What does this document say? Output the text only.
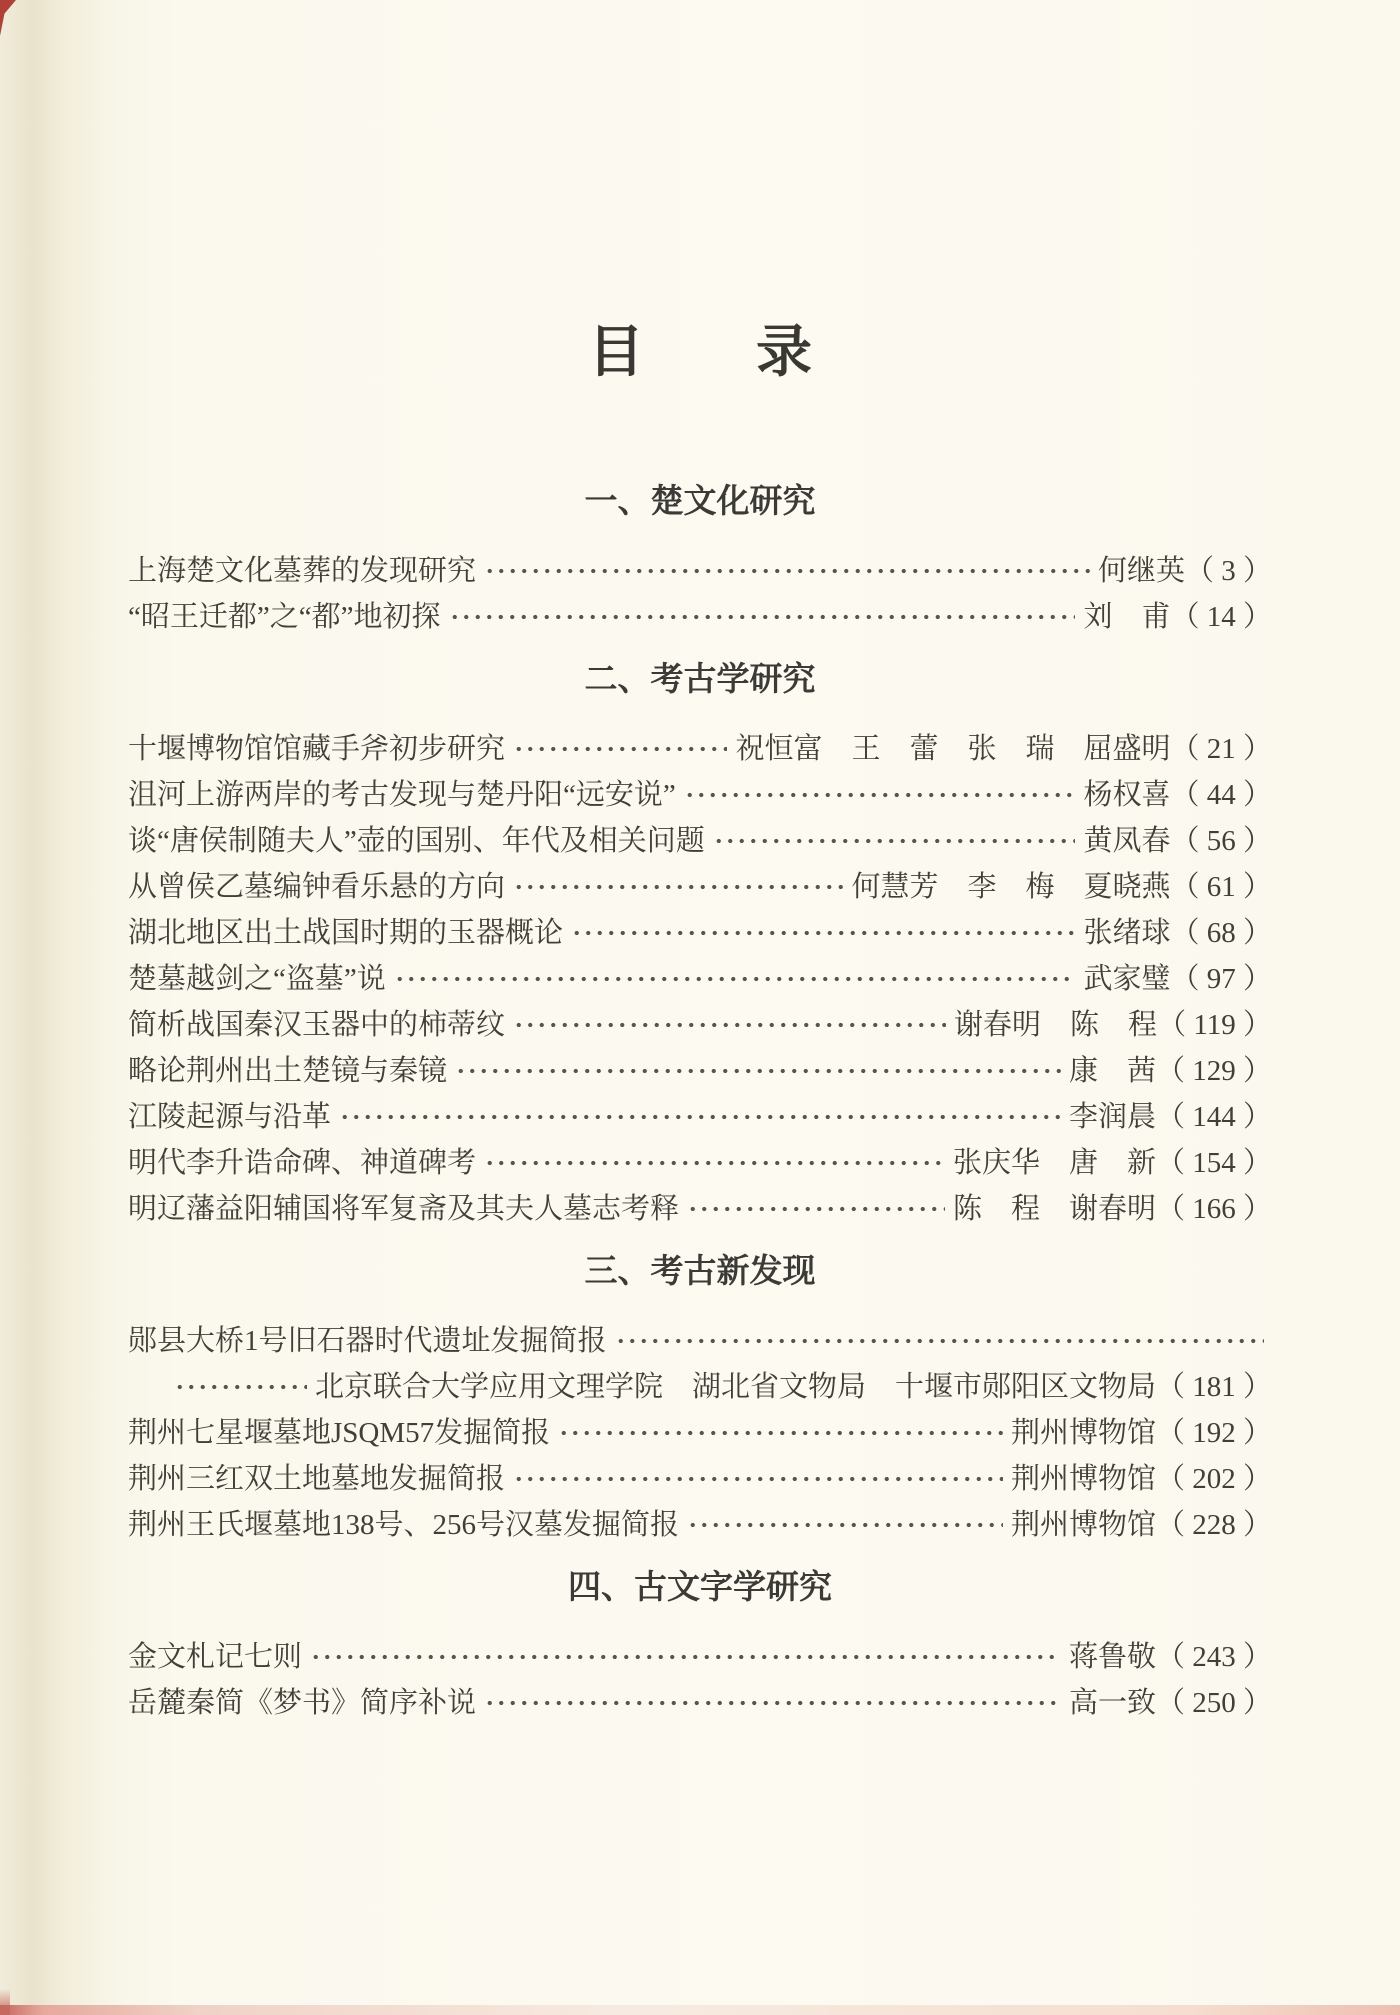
目　　录
一、楚文化研究
上海楚文化墓葬的发现研究	何继英 （ 3 ）
“昭王迁都”之“都”地初探	刘　甫 （ 14 ）
二、考古学研究
十堰博物馆馆藏手斧初步研究	祝恒富　王　蕾　张　瑞　屈盛明 （ 21 ）
沮河上游两岸的考古发现与楚丹阳“远安说”	杨权喜 （ 44 ）
谈“唐侯制随夫人”壶的国别、年代及相关问题	黄凤春 （ 56 ）
从曾侯乙墓编钟看乐悬的方向	何慧芳　李　梅　夏晓燕 （ 61 ）
湖北地区出土战国时期的玉器概论	张绪球 （ 68 ）
楚墓越剑之“盗墓”说	武家璧 （ 97 ）
简析战国秦汉玉器中的柿蒂纹	谢春明　陈　程 （ 119 ）
略论荆州出土楚镜与秦镜	康　茜 （ 129 ）
江陵起源与沿革	李润晨 （ 144 ）
明代李升诰命碑、神道碑考	张庆华　唐　新 （ 154 ）
明辽藩益阳辅国将军复斋及其夫人墓志考释	陈　程　谢春明 （ 166 ）
三、考古新发现
郧县大桥1号旧石器时代遗址发掘简报
北京联合大学应用文理学院　湖北省文物局　十堰市郧阳区文物局 （ 181 ）
荆州七星堰墓地JSQM57发掘简报	荆州博物馆 （ 192 ）
荆州三红双土地墓地发掘简报	荆州博物馆 （ 202 ）
荆州王氏堰墓地138号、256号汉墓发掘简报	荆州博物馆 （ 228 ）
四、古文字学研究
金文札记七则	蒋鲁敬 （ 243 ）
岳麓秦简《梦书》简序补说	高一致 （ 250 ）
